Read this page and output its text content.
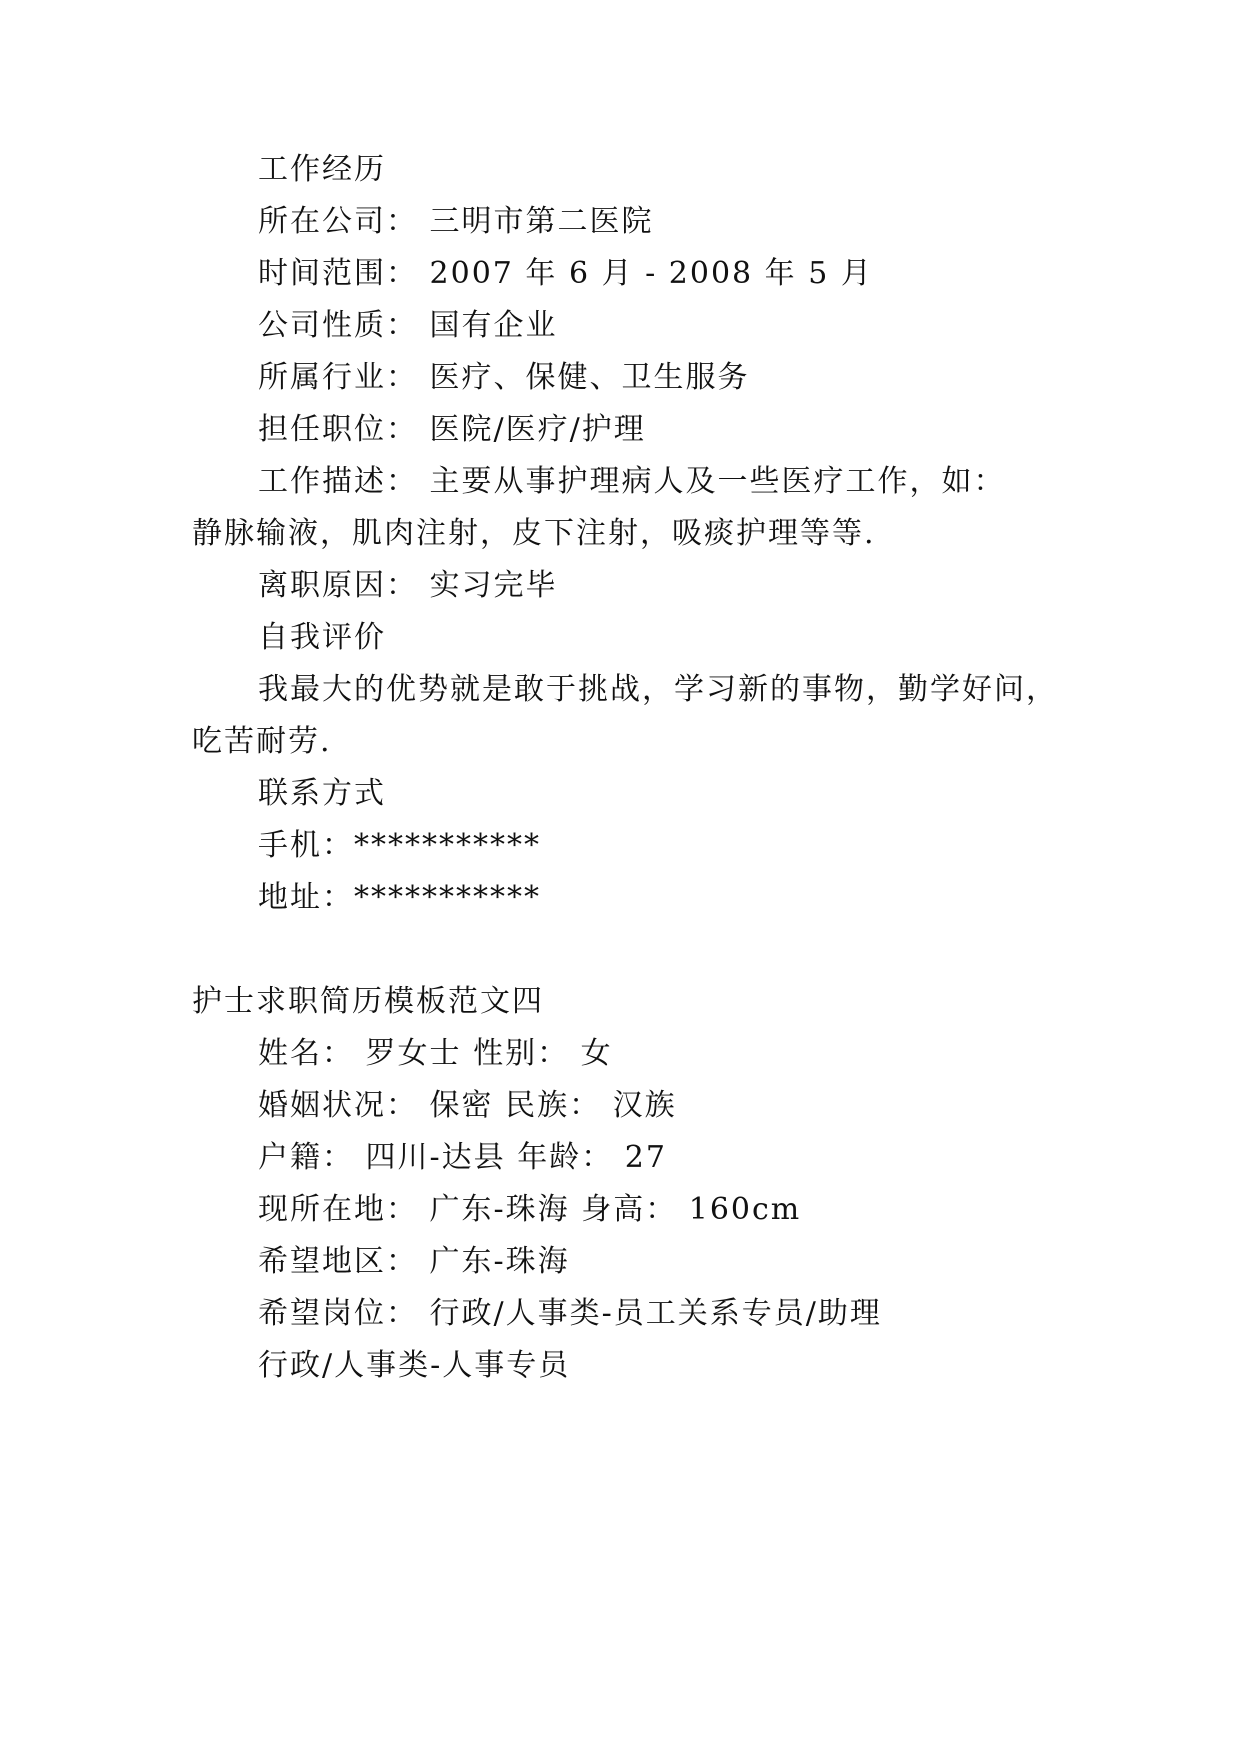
工作经历
所在公司： 三明市第二医院
时间范围： 2007 年 6 月 - 2008 年 5 月
公司性质： 国有企业
所属行业： 医疗、保健、卫生服务
担任职位： 医院/医疗/护理
工作描述： 主要从事护理病人及一些医疗工作，如：
静脉输液，肌肉注射，皮下注射，吸痰护理等等.
离职原因： 实习完毕
自我评价
我最大的优势就是敢于挑战，学习新的事物，勤学好问，
吃苦耐劳.
联系方式
手机：***********
地址：***********
护士求职简历模板范文四
姓名： 罗女士 性别： 女
婚姻状况： 保密 民族： 汉族
户籍： 四川-达县 年龄： 27
现所在地： 广东-珠海 身高： 160cm
希望地区： 广东-珠海
希望岗位： 行政/人事类-员工关系专员/助理
行政/人事类-人事专员
